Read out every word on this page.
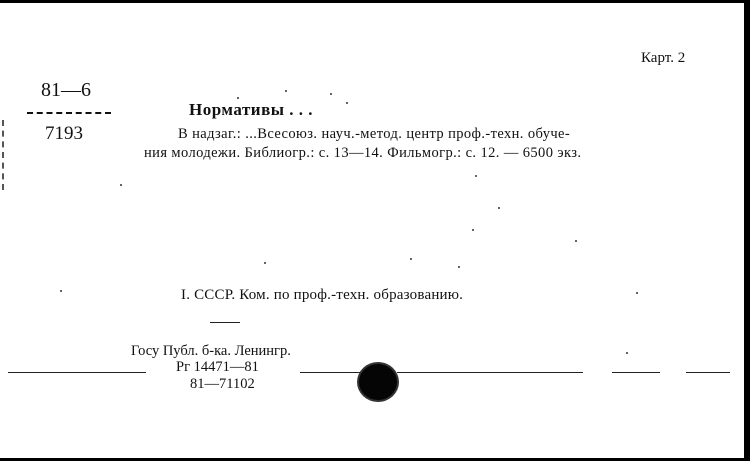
Карт. 2
81—6
7193
Нормативы . . .
В надзаг.: ...Всесоюз. науч.-метод. центр проф.-техн. обуче-
ния молодежи. Библиогр.: с. 13—14. Фильмогр.: с. 12. — 6500 экз.
I. СССР. Ком. по проф.-техн. образованию.
Госу Публ. б-ка. Ленингр.
Рг 14471—81
81—71102
